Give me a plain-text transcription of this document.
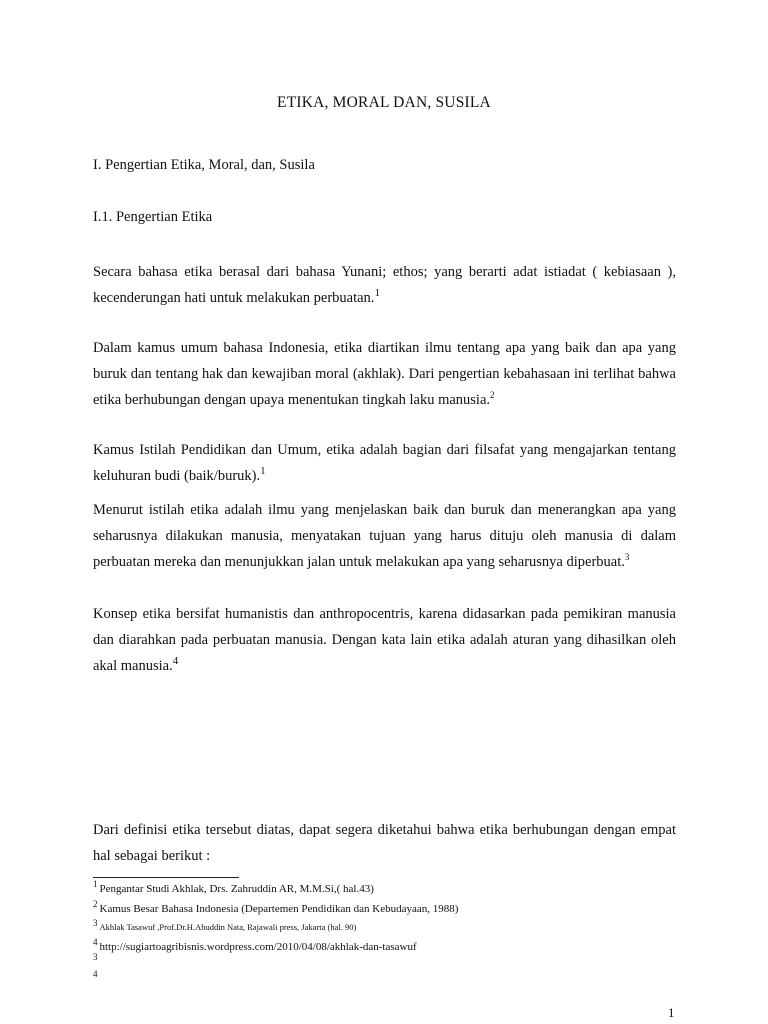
ETIKA, MORAL DAN, SUSILA
I. Pengertian Etika, Moral, dan, Susila
I.1. Pengertian Etika
Secara bahasa etika berasal dari bahasa Yunani; ethos; yang berarti adat istiadat ( kebiasaan ), kecenderungan hati untuk melakukan perbuatan.$^1$
Dalam kamus umum bahasa Indonesia, etika diartikan ilmu tentang apa yang baik dan apa yang buruk dan tentang hak dan kewajiban moral (akhlak). Dari pengertian kebahasaan ini terlihat bahwa etika berhubungan dengan upaya menentukan tingkah laku manusia.$^2$
Kamus Istilah Pendidikan dan Umum, etika adalah bagian dari filsafat yang mengajarkan tentang keluhuran budi (baik/buruk).$^1$
Menurut istilah etika adalah ilmu yang menjelaskan baik dan buruk dan menerangkan apa yang seharusnya dilakukan manusia, menyatakan tujuan yang harus dituju oleh manusia di dalam perbuatan mereka dan menunjukkan jalan untuk melakukan apa yang seharusnya diperbuat.$^3$
Konsep etika bersifat humanistis dan anthropocentris, karena didasarkan pada pemikiran manusia dan diarahkan pada perbuatan manusia. Dengan kata lain etika adalah aturan yang dihasilkan oleh akal manusia.$^4$
Dari definisi etika tersebut diatas, dapat segera diketahui bahwa etika berhubungan dengan empat hal sebagai berikut :
$^1$ Pengantar Studi Akhlak, Drs. Zahruddin AR, M.M.Si,( hal.43)
$^2$ Kamus Besar Bahasa Indonesia (Departemen Pendidikan dan Kebudayaan, 1988)
3 Akhlak Tasawuf ,Prof.Dr.H.Abuddin Nata, Rajawali press, Jakarta (hal. 90)
$^4$ http://sugiartoagribisnis.wordpress.com/2010/04/08/akhlak-dan-tasawuf
$^3$
$^4$
1
